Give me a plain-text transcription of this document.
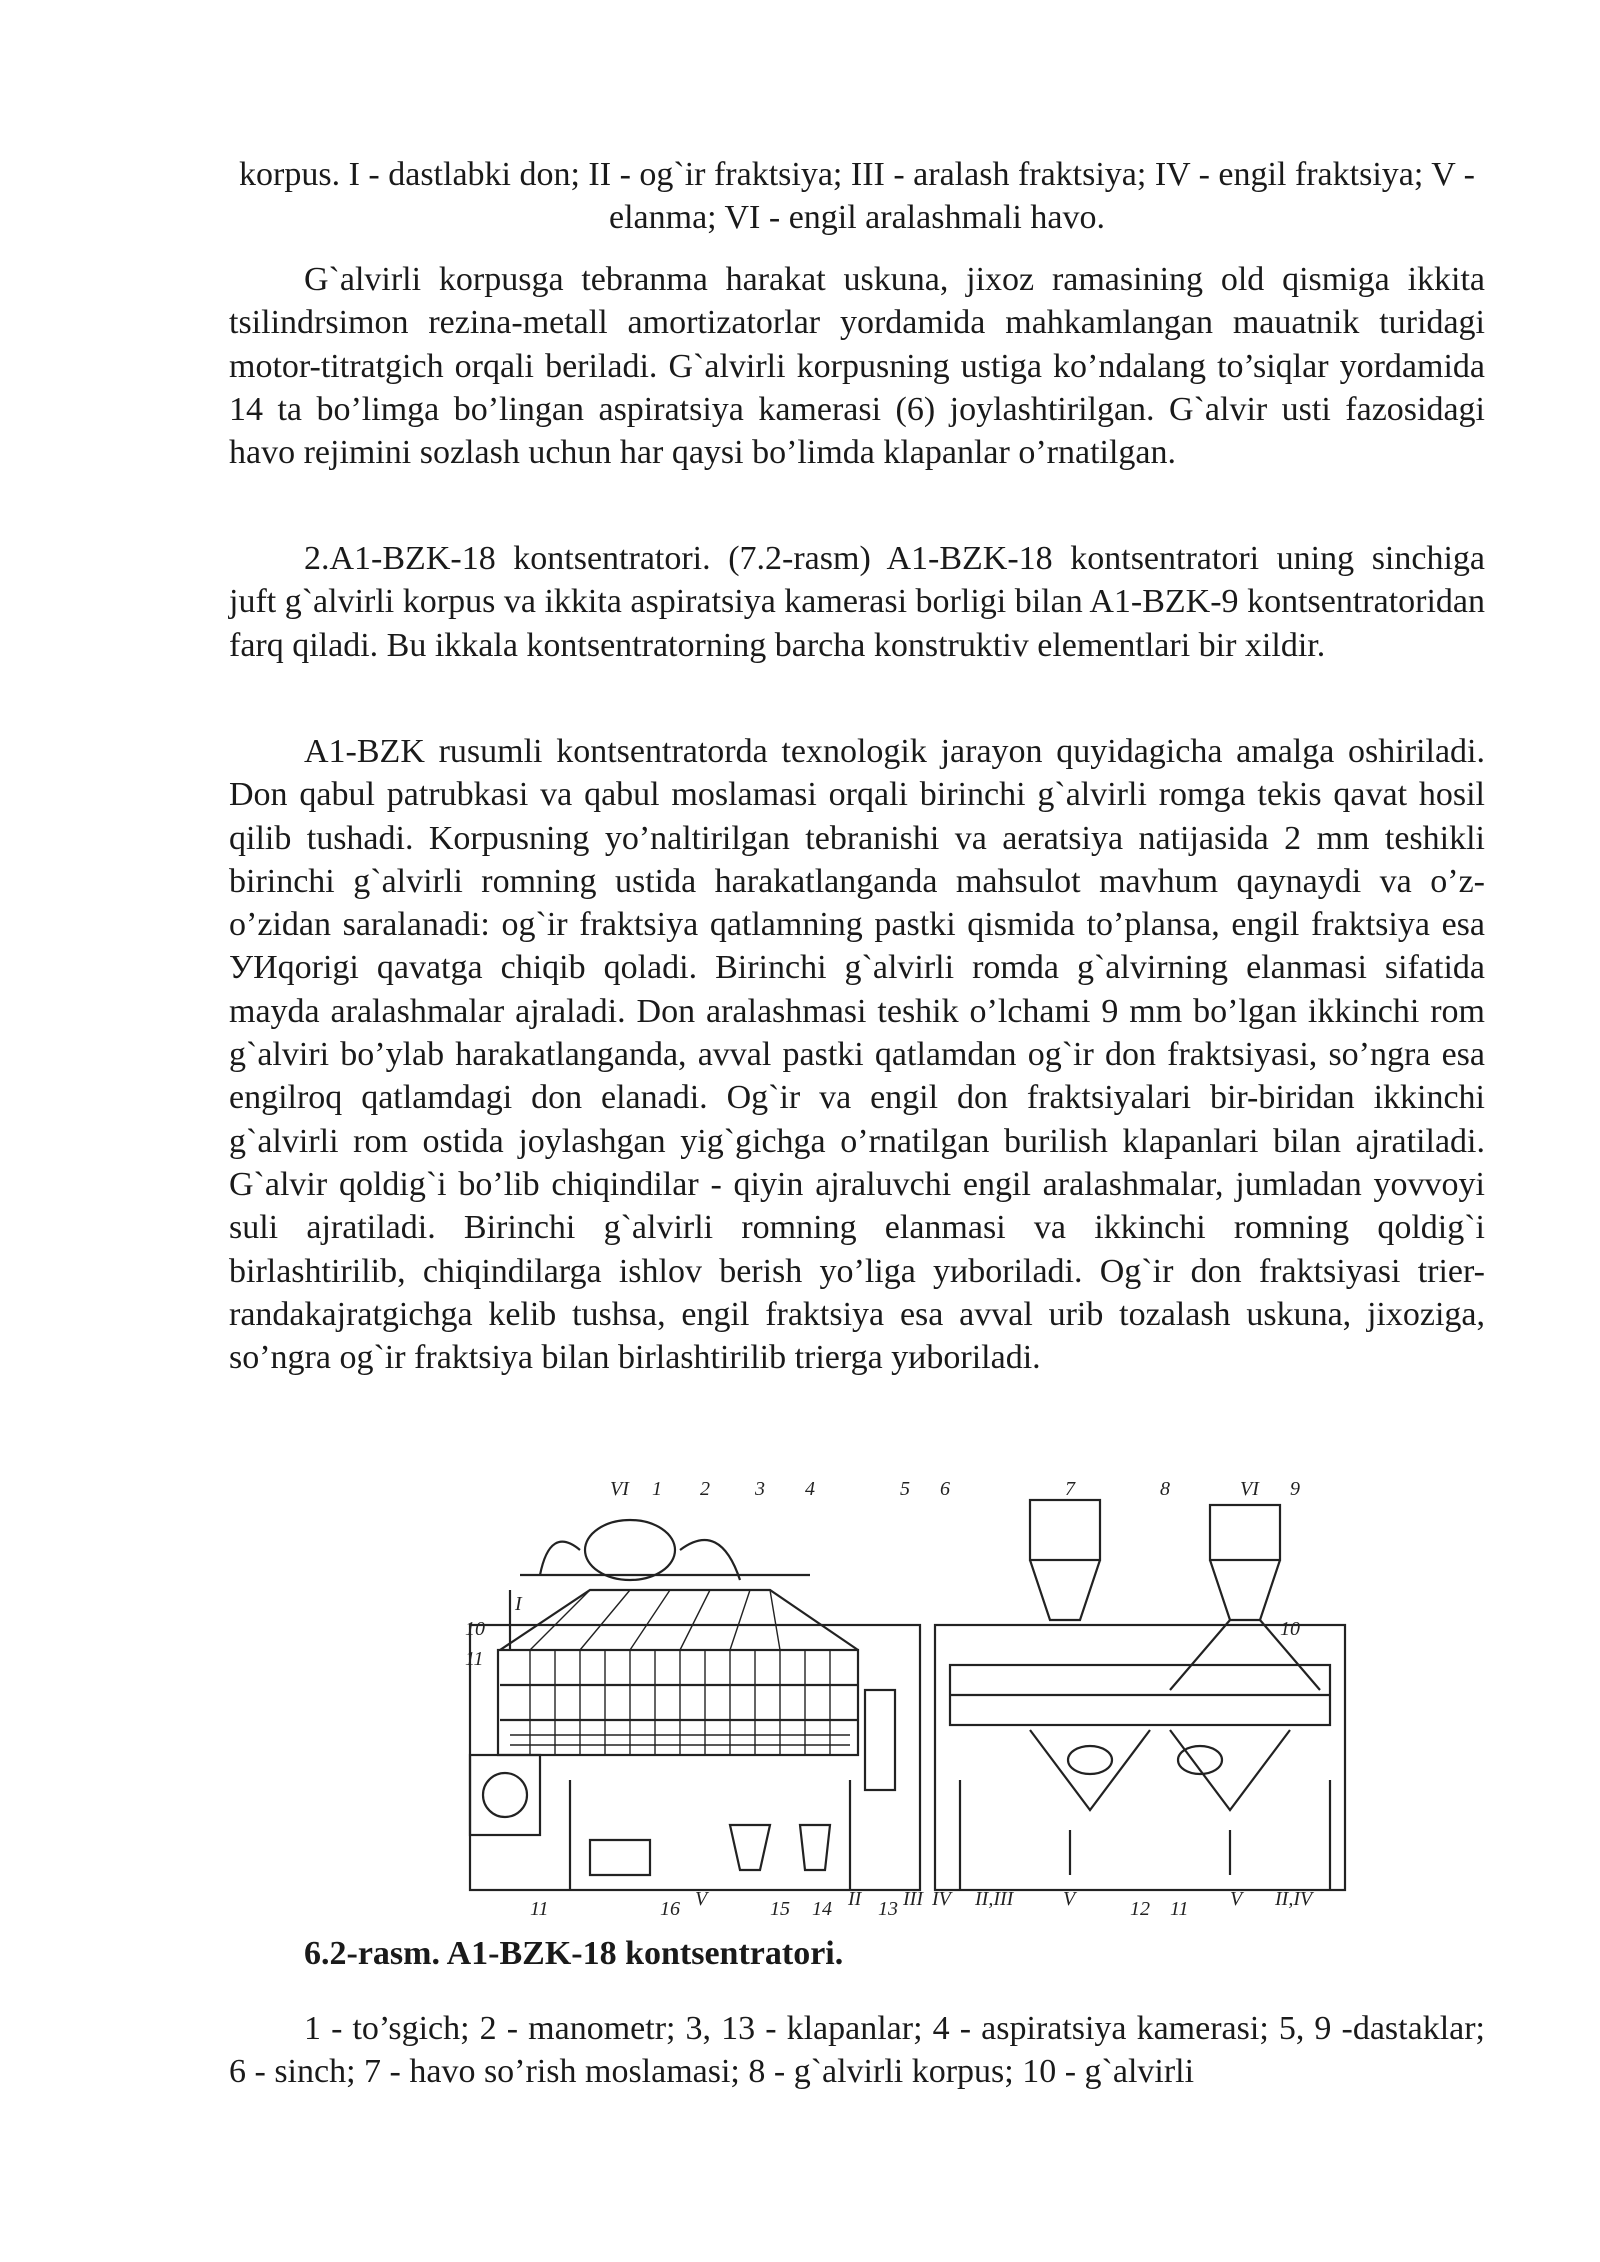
korpus. I - dastlabki don; II - og`ir fraktsiya; III - aralash fraktsiya; IV - engil fraktsiya; V - elanma; VI - engil aralashmali havo.

G`alvirli korpusga tebranma harakat uskuna, jixoz ramasining old qismiga ikkita tsilindrsimon rezina-metall amortizatorlar yordamida mahkamlangan mauatnik turidagi motor-titratgich orqali beriladi. G`alvirli korpusning ustiga ko’ndalang to’siqlar yordamida 14 ta bo’limga bo’lingan aspiratsiya kamerasi (6) joylashtirilgan. G`alvir usti fazosidagi havo rejimini sozlash uchun har qaysi bo’limda klapanlar o’rnatilgan.

2.A1-BZK-18 kontsentratori. (7.2-rasm) A1-BZK-18 kontsentratori uning sinchiga juft g`alvirli korpus va ikkita aspiratsiya kamerasi borligi bilan A1-BZK-9 kontsentratoridan farq qiladi. Bu ikkala kontsentratorning barcha konstruktiv elementlari bir xildir.

A1-BZK rusumli kontsentratorda texnologik jarayon quyidagicha amalga oshiriladi. Don qabul patrubkasi va qabul moslamasi orqali birinchi g`alvirli romga tekis qavat hosil qilib tushadi. Korpusning yo’naltirilgan tebranishi va aeratsiya natijasida 2 mm teshikli birinchi g`alvirli romning ustida harakatlanganda mahsulot mavhum qaynaydi va o’z-o’zidan saralanadi: og`ir fraktsiya qatlamning pastki qismida to’plansa, engil fraktsiya esa УИqorigi qavatga chiqib qoladi. Birinchi g`alvirli romda g`alvirning elanmasi sifatida mayda aralashmalar ajraladi. Don aralashmasi teshik o’lchami 9 mm bo’lgan ikkinchi rom g`alviri bo’ylab harakatlanganda, avval pastki qatlamdan og`ir don fraktsiyasi, so’ngra esa engilroq qatlamdagi don elanadi. Og`ir va engil don fraktsiyalari bir-biridan ikkinchi g`alvirli rom ostida joylashgan yig`gichga o’rnatilgan burilish klapanlari bilan ajratiladi. G`alvir qoldig`i bo’lib chiqindilar - qiyin ajraluvchi engil aralashmalar, jumladan yovvoyi suli ajratiladi. Birinchi g`alvirli romning elanmasi va ikkinchi romning qoldig`i birlashtirilib, chiqindilarga ishlov berish yo’liga yиboriladi. Og`ir don fraktsiyasi trier-randakajratgichga kelib tushsa, engil fraktsiya esa avval urib tozalash uskuna, jixoziga, so’ngra og`ir fraktsiya bilan birlashtirilib trierga yиboriladi.

VI 1 2 3 4	5 6	7	8	VI 9
I
10
11
10
11	16 V	15 14 II 13 III IV II,III V	12 11 V II,IV

6.2-rasm. A1-BZK-18 kontsentratori.

1 - to’sgich; 2 - manometr; 3, 13 - klapanlar; 4 - aspiratsiya kamerasi; 5, 9 -dastaklar; 6 - sinch; 7 - havo so’rish moslamasi; 8 - g`alvirli korpus; 10 - g`alvirli
